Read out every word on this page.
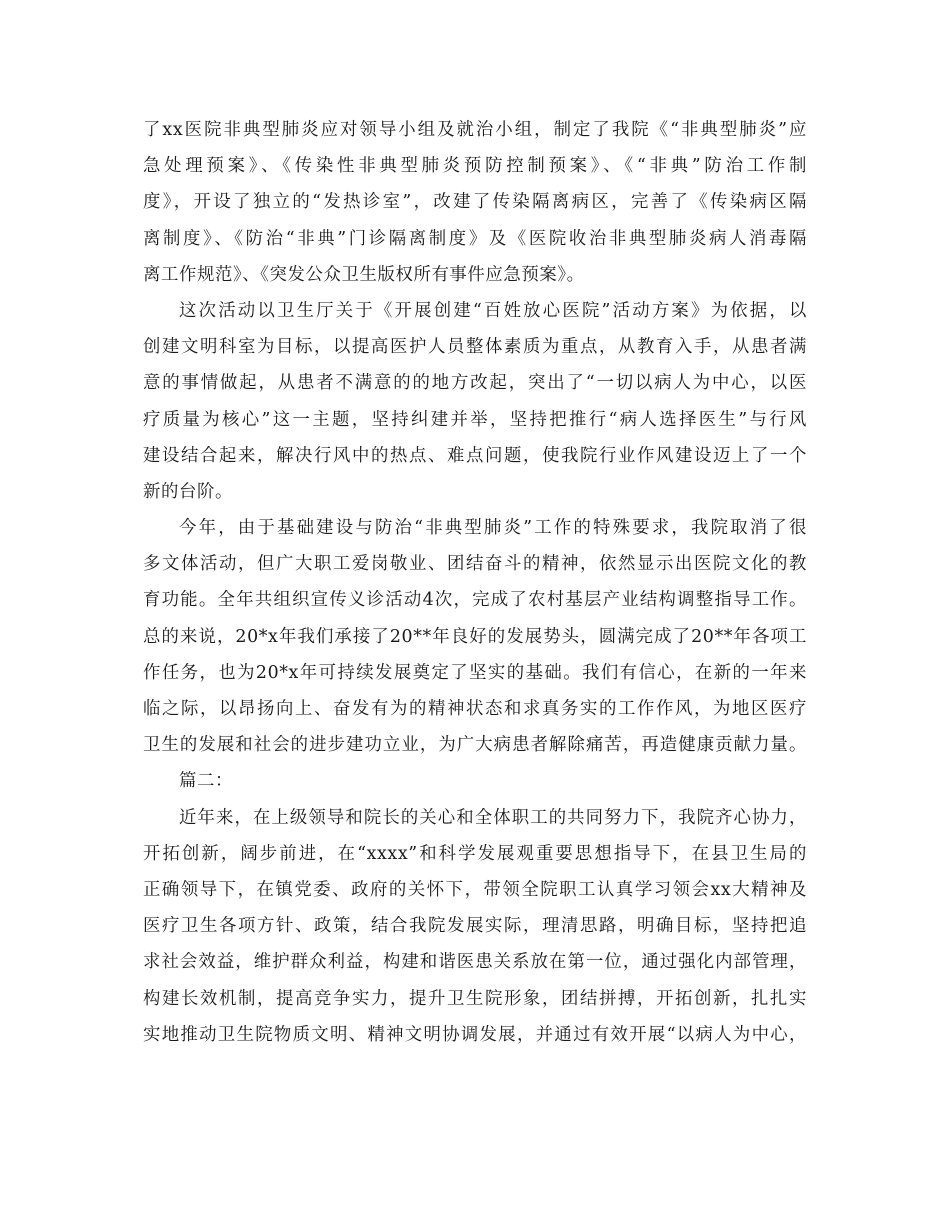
了xx医院非典型肺炎应对领导小组及就治小组，制定了我院《“非典型肺炎”应
急处理预案》、《传染性非典型肺炎预防控制预案》、《“非典”防治工作制
度》，开设了独立的“发热诊室”，改建了传染隔离病区，完善了《传染病区隔
离制度》、《防治“非典”门诊隔离制度》及《医院收治非典型肺炎病人消毒隔
离工作规范》、《突发公众卫生版权所有事件应急预案》。
这次活动以卫生厅关于《开展创建“百姓放心医院”活动方案》为依据，以
创建文明科室为目标，以提高医护人员整体素质为重点，从教育入手，从患者满
意的事情做起，从患者不满意的的地方改起，突出了“一切以病人为中心，以医
疗质量为核心”这一主题，坚持纠建并举，坚持把推行“病人选择医生”与行风
建设结合起来，解决行风中的热点、难点问题，使我院行业作风建设迈上了一个
新的台阶。
今年，由于基础建设与防治“非典型肺炎”工作的特殊要求，我院取消了很
多文体活动，但广大职工爱岗敬业、团结奋斗的精神，依然显示出医院文化的教
育功能。全年共组织宣传义诊活动4次，完成了农村基层产业结构调整指导工作。
总的来说，20*x年我们承接了20**年良好的发展势头，圆满完成了20**年各项工
作任务，也为20*x年可持续发展奠定了坚实的基础。我们有信心，在新的一年来
临之际，以昂扬向上、奋发有为的精神状态和求真务实的工作作风，为地区医疗
卫生的发展和社会的进步建功立业，为广大病患者解除痛苦，再造健康贡献力量。
篇二：
近年来，在上级领导和院长的关心和全体职工的共同努力下，我院齐心协力，
开拓创新，阔步前进，在“xxxx”和科学发展观重要思想指导下，在县卫生局的
正确领导下，在镇党委、政府的关怀下，带领全院职工认真学习领会xx大精神及
医疗卫生各项方针、政策，结合我院发展实际，理清思路，明确目标，坚持把追
求社会效益，维护群众利益，构建和谐医患关系放在第一位，通过强化内部管理，
构建长效机制，提高竞争实力，提升卫生院形象，团结拼搏，开拓创新，扎扎实
实地推动卫生院物质文明、精神文明协调发展，并通过有效开展“以病人为中心，
